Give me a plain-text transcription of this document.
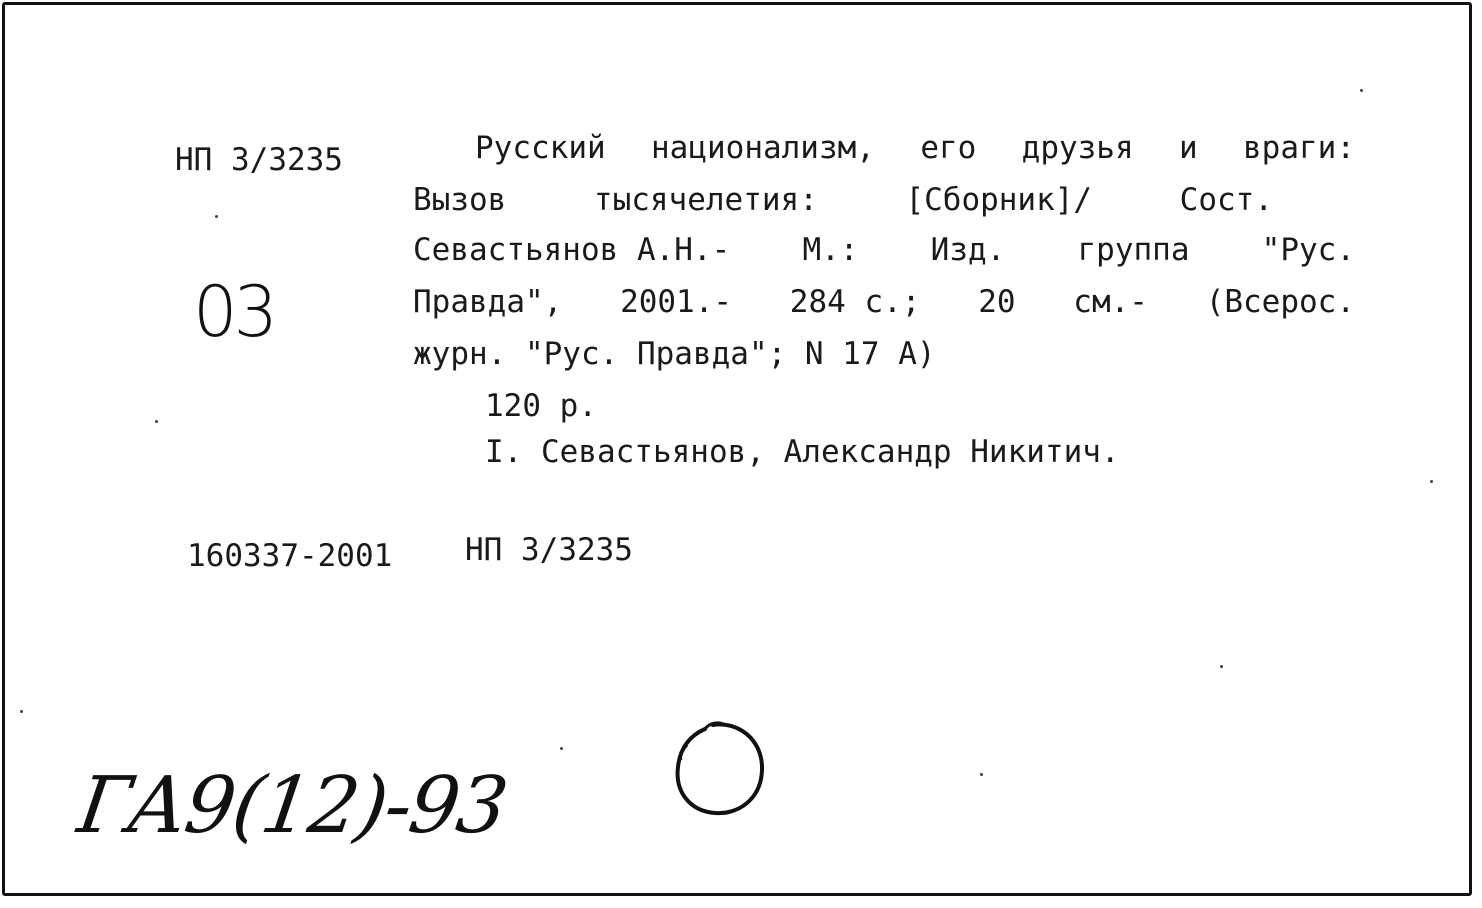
НП 3/3235
03
Русский национализм, его друзья и враги:
Вызов	тысячелетия:	[Сборник]/	Сост.
Севастьянов А.Н.- М.: Изд. группа "Рус.
Правда", 2001.- 284 с.; 20 см.- (Всерос.
журн. "Рус. Правда"; N 17 А)
120 р.
I. Севастьянов, Александр Никитич.
160337-2001 НП 3/3235
ГА9(12)-93
